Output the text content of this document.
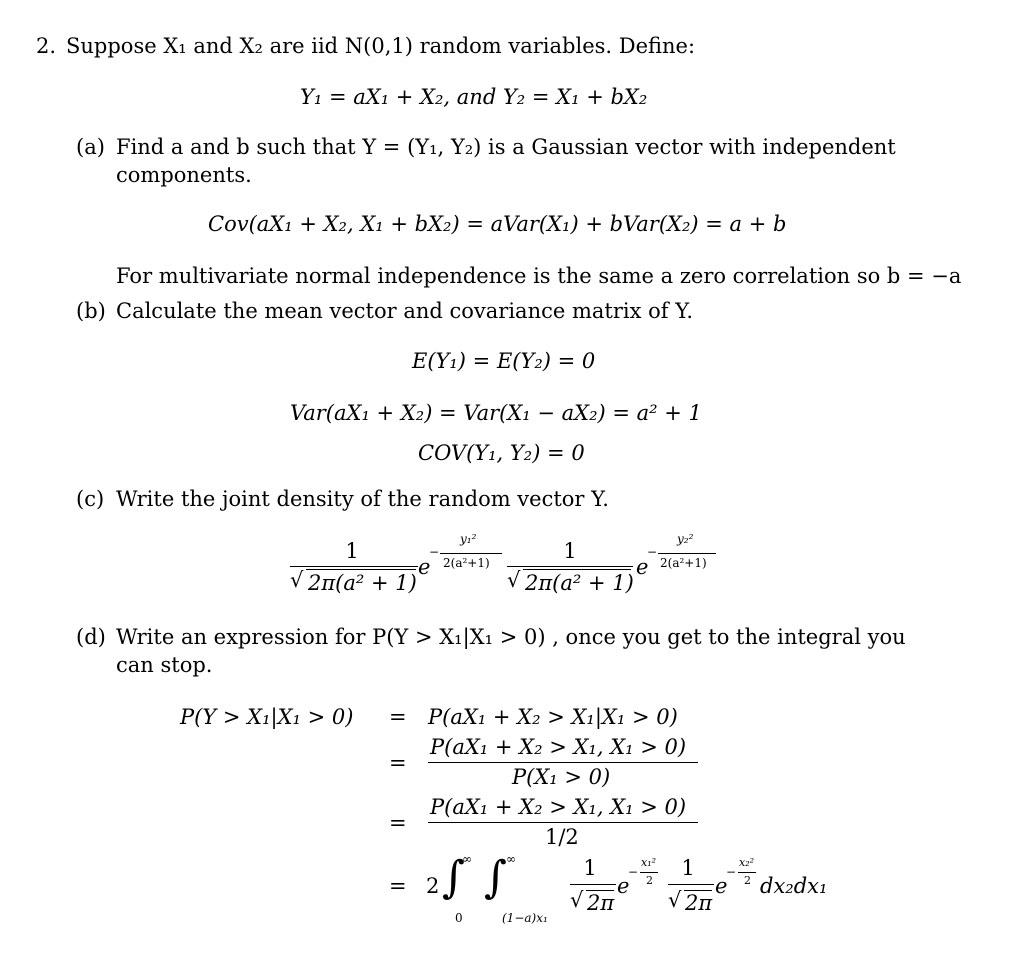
2. Suppose X₁ and X₂ are iid N(0,1) random variables. Define:
Y₁ = aX₁ + X₂, and Y₂ = X₁ + bX₂
(a) Find a and b such that Y = (Y₁, Y₂) is a Gaussian vector with independent
components.
Cov(aX₁ + X₂, X₁ + bX₂) = aVar(X₁) + bVar(X₂) = a + b
For multivariate normal independence is the same a zero correlation so b = −a
(b) Calculate the mean vector and covariance matrix of Y.
E(Y₁) = E(Y₂) = 0
Var(aX₁ + X₂) = Var(X₁ − aX₂) = a² + 1
COV(Y₁, Y₂) = 0
(c) Write the joint density of the random vector Y.
1
√ 2π(a² + 1)
e
−
y₁²
2(a²+1)	1
√ 2π(a² + 1)
e
−
y₂²
2(a²+1)
(d) Write an expression for P(Y > X₁|X₁ > 0) , once you get to the integral you
can stop.
P(Y > X₁|X₁ > 0) = P(aX₁ + X₂ > X₁|X₁ > 0)
=
P(aX₁ + X₂ > X₁, X₁ > 0)
P(X₁ > 0)
=
P(aX₁ + X₂ > X₁, X₁ > 0)
1/2
= 2 ∫
∞
0
∫ ∞
(1−a)x₁
1
√ 2π
e
−
x₁²
2
1
√ 2π
e
−
x₂²
2 dx₂dx₁
